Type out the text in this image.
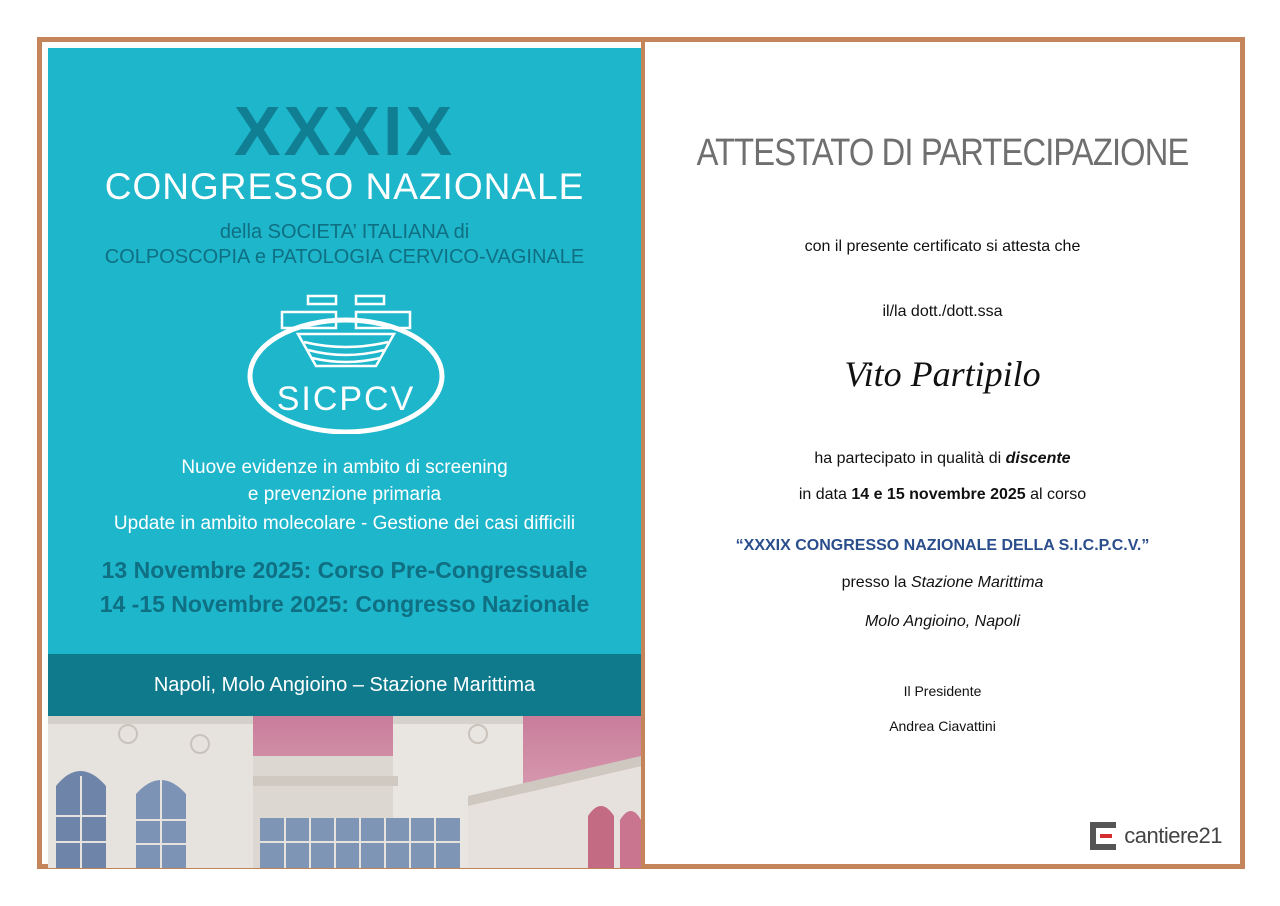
XXXIX
CONGRESSO NAZIONALE
della SOCIETA’ ITALIANA di
COLPOSCOPIA e PATOLOGIA CERVICO-VAGINALE
SICPCV
Nuove evidenze in ambito di screening
e prevenzione primaria
Update in ambito molecolare - Gestione dei casi difficili
13 Novembre 2025: Corso Pre-Congressuale
14 -15 Novembre 2025: Congresso Nazionale
Napoli, Molo Angioino – Stazione Marittima
ATTESTATO DI PARTECIPAZIONE
con il presente certificato si attesta che
il/la dott./dott.ssa
Vito Partipilo
ha partecipato in qualità di discente
in data 14 e 15 novembre 2025 al corso
“XXXIX CONGRESSO NAZIONALE DELLA S.I.C.P.C.V.”
presso la Stazione Marittima
Molo Angioino, Napoli
Il Presidente
Andrea Ciavattini
cantiere21
